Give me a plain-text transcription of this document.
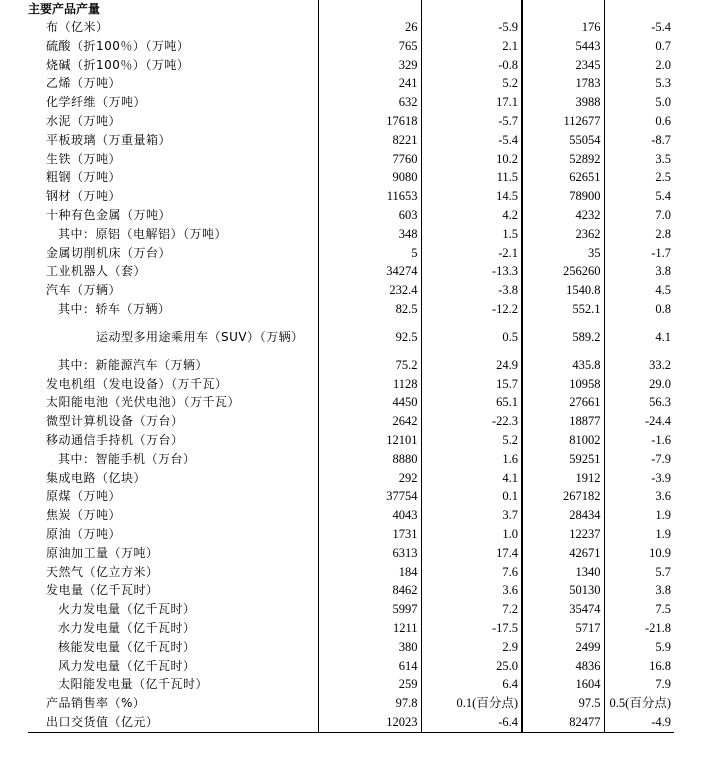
主要产品产量				
布（亿米）	26	-5.9	176	-5.4
硫酸（折100％）（万吨）	765	2.1	5443	0.7
烧碱（折100％）（万吨）	329	-0.8	2345	2.0
乙烯（万吨）	241	5.2	1783	5.3
化学纤维（万吨）	632	17.1	3988	5.0
水泥（万吨）	17618	-5.7	112677	0.6
平板玻璃（万重量箱）	8221	-5.4	55054	-8.7
生铁（万吨）	7760	10.2	52892	3.5
粗钢（万吨）	9080	11.5	62651	2.5
钢材（万吨）	11653	14.5	78900	5.4
十种有色金属（万吨）	603	4.2	4232	7.0
其中：原铝（电解铝）（万吨）	348	1.5	2362	2.8
金属切削机床（万台）	5	-2.1	35	-1.7
工业机器人（套）	34274	-13.3	256260	3.8
汽车（万辆）	232.4	-3.8	1540.8	4.5
其中：轿车（万辆）	82.5	-12.2	552.1	0.8

运动型多用途乘用车（SUV）（万辆）	92.5	0.5	589.2	4.1
其中：新能源汽车（万辆）	75.2	24.9	435.8	33.2
发电机组（发电设备）（万千瓦）	1128	15.7	10958	29.0
太阳能电池（光伏电池）（万千瓦）	4450	65.1	27661	56.3
微型计算机设备（万台）	2642	-22.3	18877	-24.4
移动通信手持机（万台）	12101	5.2	81002	-1.6
其中：智能手机（万台）	8880	1.6	59251	-7.9
集成电路（亿块）	292	4.1	1912	-3.9
原煤（万吨）	37754	0.1	267182	3.6
焦炭（万吨）	4043	3.7	28434	1.9
原油（万吨）	1731	1.0	12237	1.9
原油加工量（万吨）	6313	17.4	42671	10.9
天然气（亿立方米）	184	7.6	1340	5.7
发电量（亿千瓦时）	8462	3.6	50130	3.8
火力发电量（亿千瓦时）	5997	7.2	35474	7.5
水力发电量（亿千瓦时）	1211	-17.5	5717	-21.8
核能发电量（亿千瓦时）	380	2.9	2499	5.9
风力发电量（亿千瓦时）	614	25.0	4836	16.8
太阳能发电量（亿千瓦时）	259	6.4	1604	7.9
产品销售率（%）	97.8	0.1(百分点)	97.5	0.5(百分点)
出口交货值（亿元）	12023	-6.4	82477	-4.9
